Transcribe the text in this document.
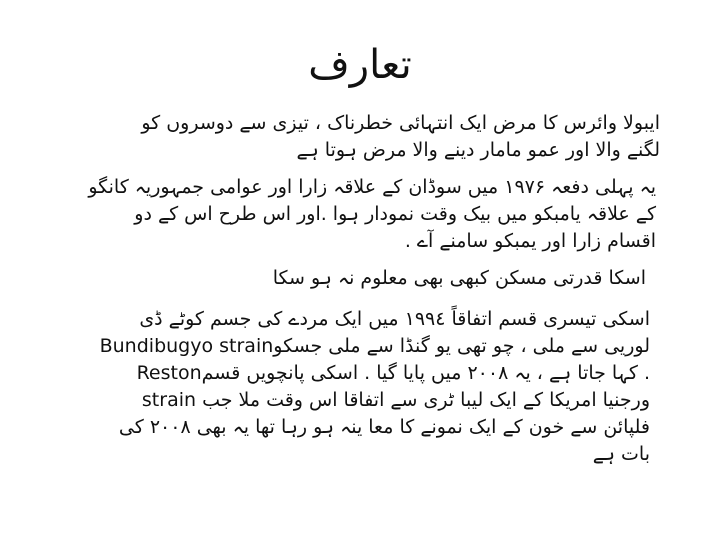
تعارف
ایبولا وائرس کا مرض ایک انتہائی خطرناک ، تیزی سے دوسروں کو
لگنے والا اور عمو مامار دینے والا مرض ہوتا ہے
یہ پہلی دفعہ ۱۹۷۶ میں سوڈان کے علاقہ زارا اور عوامی جمہوریہ کانگو
کے علاقہ یامبکو میں بیک وقت نمودار ہوا .اور اس طرح اس کے دو
اقسام زارا اور یمبکو سامنے آے .
اسکا قدرتی مسکن کبھی بھی معلوم نہ ہو سکا
اسکی تیسری قسم اتفاقاً ۱۹۹٤ میں ایک مردے کی جسم کوٹے ڈی
Bundibugyo strainلوریی سے ملی ، چو تھی یو گنڈا سے ملی جسکو
Restonکہا جاتا ہے ، یہ ۲۰۰۸ میں پایا گیا . اسکی پانچویں قسم .
ورجنیا امریکا کے ایک لیبا ٹری سے اتفاقا اس وقت ملا جب strain
فلپائن سے خون کے ایک نمونے کا معا ینہ ہو رہا تھا یہ بھی ۲۰۰۸ کی
بات ہے
